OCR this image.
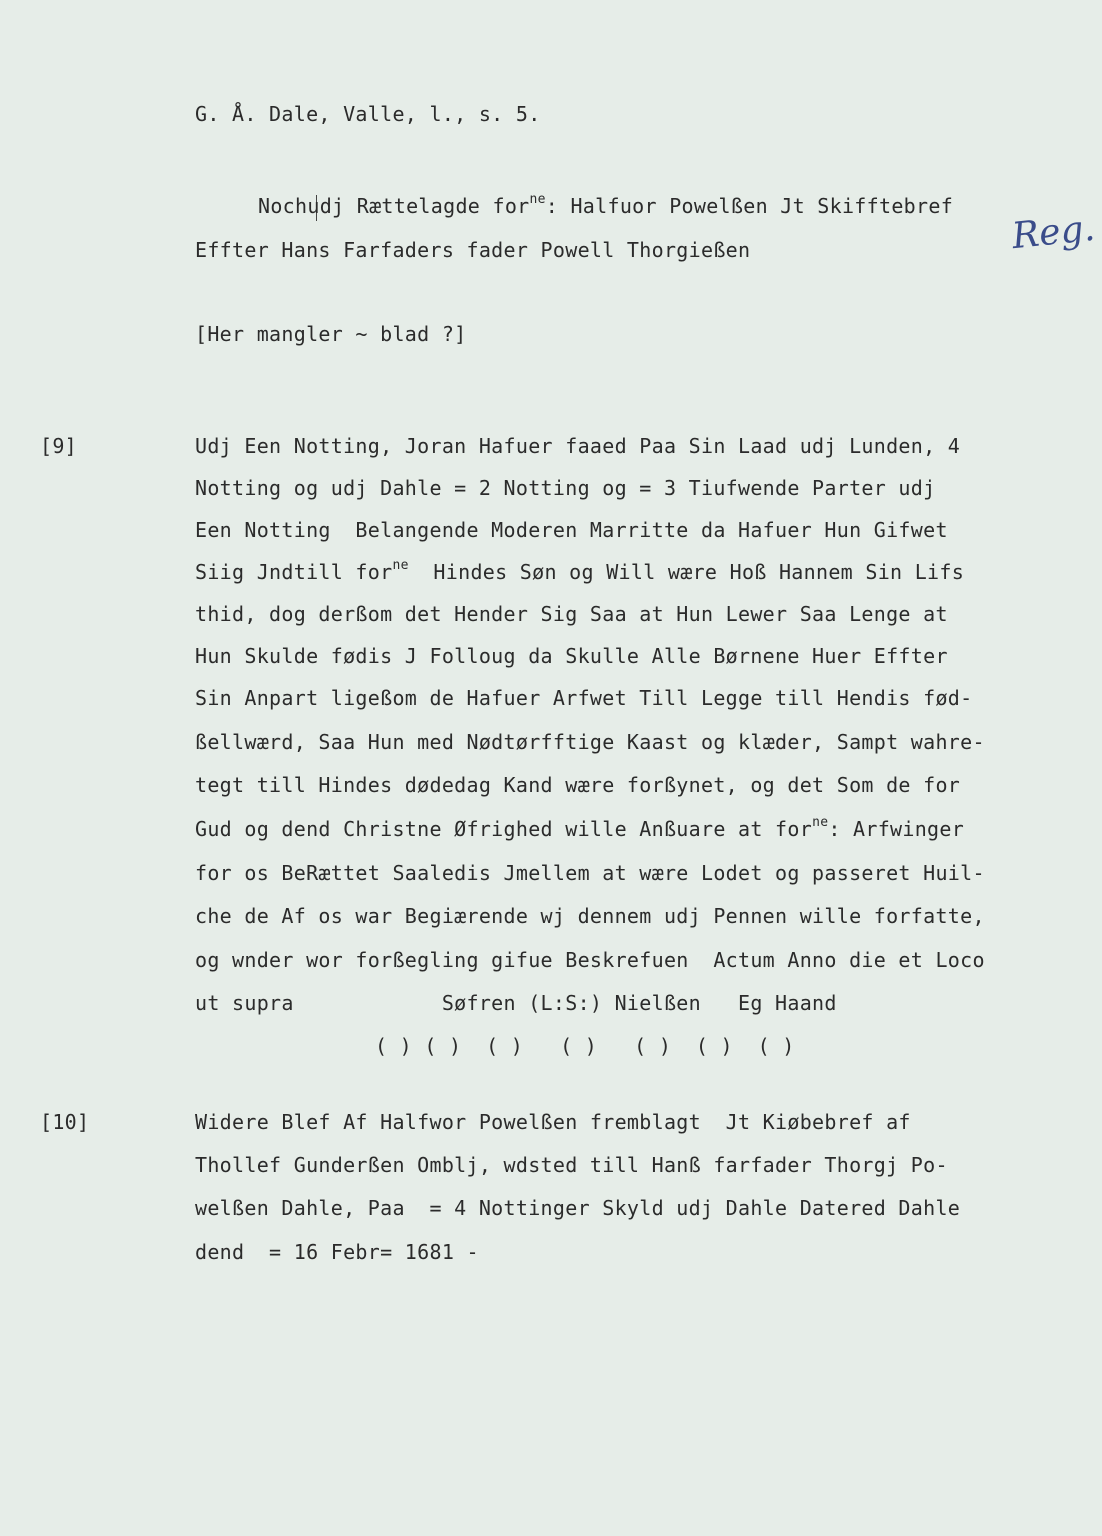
G. Å. Dale, Valle, l., s. 5.
Nochudj Rættelagde for$^{ne}$: Halfuor Powelßen Jt Skifftebref
Effter Hans Farfaders fader Powell Thorgießen	Reg.
[Her mangler ~ blad ?]
[9]	Udj Een Notting, Joran Hafuer faaed Paa Sin Laad udj Lunden, 4
Notting og udj Dahle = 2 Notting og = 3 Tiufwende Parter udj
Een Notting  Belangende Moderen Marritte da Hafuer Hun Gifwet
Siig Jndtill for$^{ne}$  Hindes Søn og Will wære Hoß Hannem Sin Lifs
thid, dog derßom det Hender Sig Saa at Hun Lewer Saa Lenge at
Hun Skulde fødis J Folloug da Skulle Alle Børnene Huer Effter
Sin Anpart ligeßom de Hafuer Arfwet Till Legge till Hendis fød-
ßellwærd, Saa Hun med Nødtørfftige Kaast og klæder, Sampt wahre-
tegt till Hindes dødedag Kand wære forßynet, og det Som de for
Gud og dend Christne Øfrighed wille Anßuare at for$^{ne}$: Arfwinger
for os BeRættet Saaledis Jmellem at wære Lodet og passeret Huil-
che de Af os war Begiærende wj dennem udj Pennen wille forfatte,
og wnder wor forßegling gifue Beskrefuen  Actum Anno die et Loco
ut supra            Søfren (L:S:) Nielßen   Eg Haand
( ) ( )  ( )   ( )   ( )  ( )  ( )
[10]	Widere Blef Af Halfwor Powelßen fremblagt  Jt Kiøbebref af
Thollef Gunderßen Omblj, wdsted till Hanß farfader Thorgj Po-
welßen Dahle, Paa  = 4 Nottinger Skyld udj Dahle Datered Dahle
dend  = 16 Febr= 1681 -
